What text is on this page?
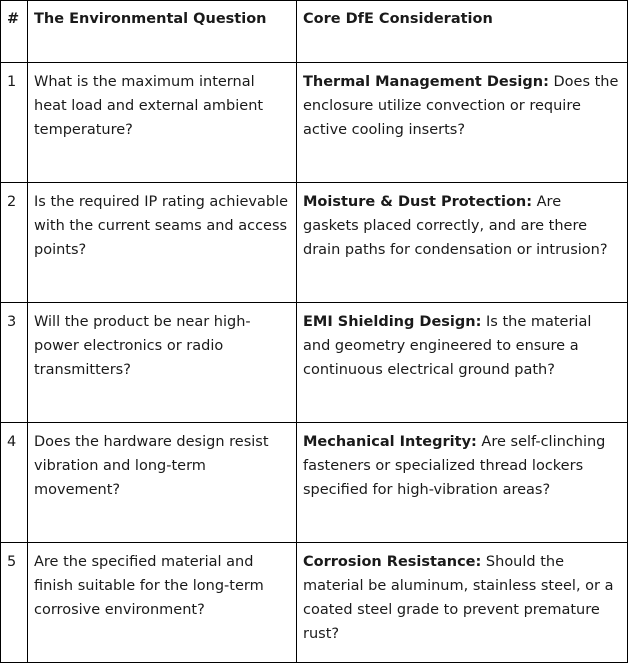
#	The Environmental Question	Core DfE Consideration
1	What is the maximum internal heat load and external ambient temperature?	Thermal Management Design: Does the enclosure utilize convection or require active cooling inserts?
2	Is the required IP rating achievable with the current seams and access points?	Moisture & Dust Protection: Are gaskets placed correctly, and are there drain paths for condensation or intrusion?
3	Will the product be near high-power electronics or radio transmitters?	EMI Shielding Design: Is the material and geometry engineered to ensure a continuous electrical ground path?
4	Does the hardware design resist vibration and long-term movement?	Mechanical Integrity: Are self-clinching fasteners or specialized thread lockers specified for high-vibration areas?
5	Are the specified material and finish suitable for the long-term corrosive environment?	Corrosion Resistance: Should the material be aluminum, stainless steel, or a coated steel grade to prevent premature rust?
